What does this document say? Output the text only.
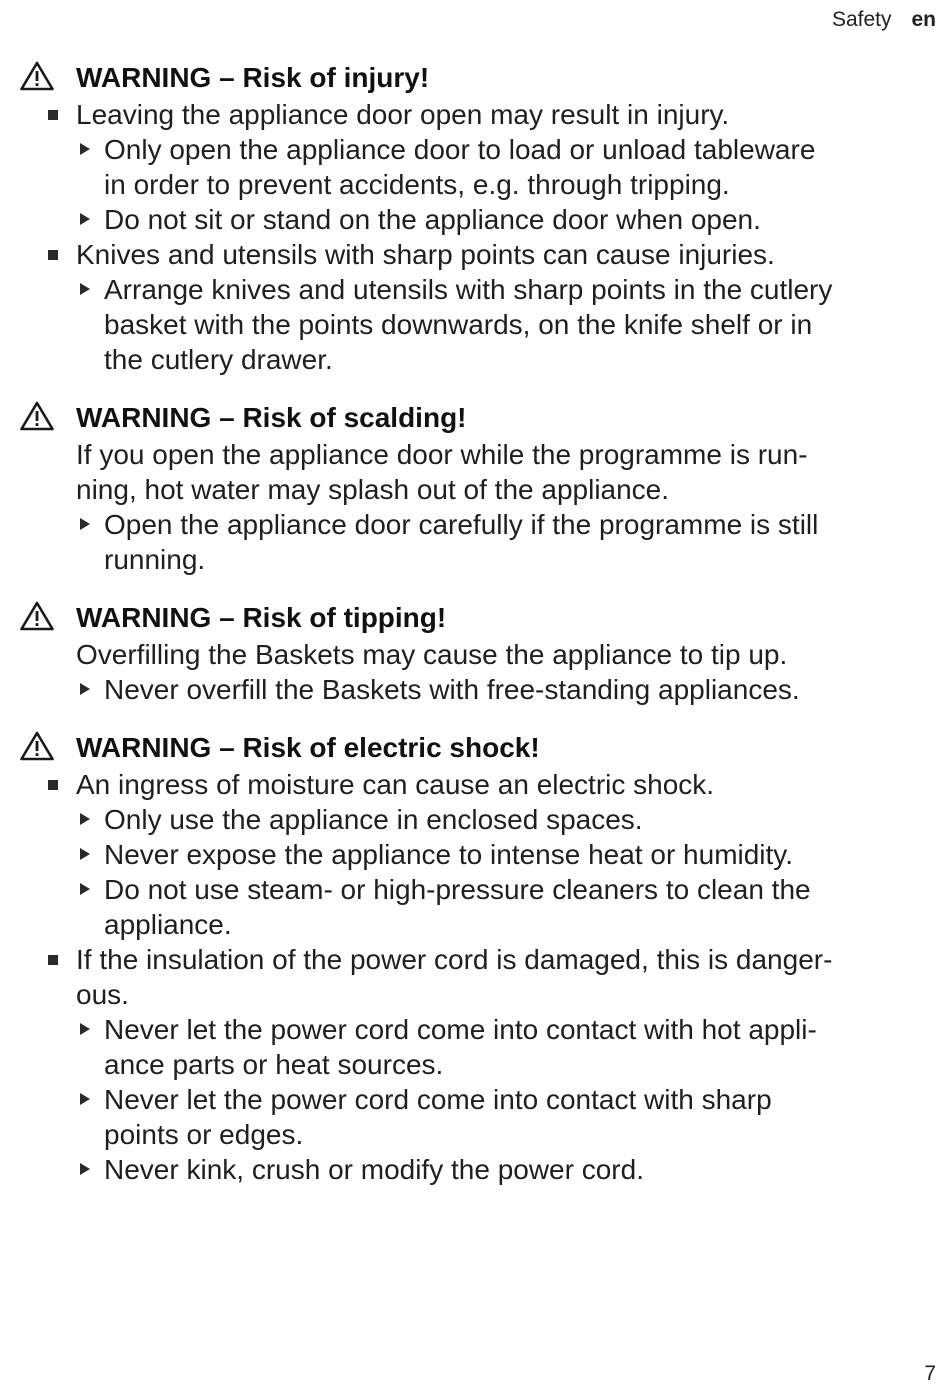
Safety en
WARNING – Risk of injury!
Leaving the appliance door open may result in injury.
Only open the appliance door to load or unload tableware
in order to prevent accidents, e.g. through tripping.
Do not sit or stand on the appliance door when open.
Knives and utensils with sharp points can cause injuries.
Arrange knives and utensils with sharp points in the cutlery
basket with the points downwards, on the knife shelf or in
the cutlery drawer.
WARNING – Risk of scalding!
If you open the appliance door while the programme is run-
ning, hot water may splash out of the appliance.
Open the appliance door carefully if the programme is still
running.
WARNING – Risk of tipping!
Overfilling the Baskets may cause the appliance to tip up.
Never overfill the Baskets with free-standing appliances.
WARNING – Risk of electric shock!
An ingress of moisture can cause an electric shock.
Only use the appliance in enclosed spaces.
Never expose the appliance to intense heat or humidity.
Do not use steam- or high-pressure cleaners to clean the
appliance.
If the insulation of the power cord is damaged, this is danger-
ous.
Never let the power cord come into contact with hot appli-
ance parts or heat sources.
Never let the power cord come into contact with sharp
points or edges.
Never kink, crush or modify the power cord.
7
